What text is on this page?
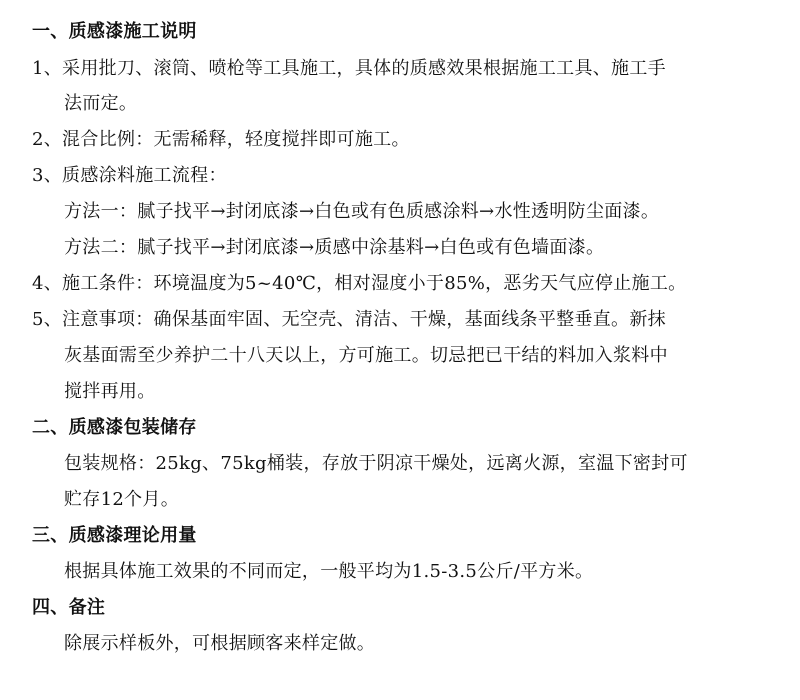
一、质感漆施工说明
1、采用批刀、滚筒、喷枪等工具施工，具体的质感效果根据施工工具、施工手
法而定。
2、混合比例：无需稀释，轻度搅拌即可施工。
3、质感涂料施工流程：
方法一：腻子找平→封闭底漆→白色或有色质感涂料→水性透明防尘面漆。
方法二：腻子找平→封闭底漆→质感中涂基料→白色或有色墙面漆。
4、施工条件：环境温度为5~40℃，相对湿度小于85%，恶劣天气应停止施工。
5、注意事项：确保基面牢固、无空壳、清洁、干燥，基面线条平整垂直。新抹
灰基面需至少养护二十八天以上，方可施工。切忌把已干结的料加入浆料中
搅拌再用。
二、质感漆包装储存
包装规格：25kg、75kg桶装，存放于阴凉干燥处，远离火源，室温下密封可
贮存12个月。
三、质感漆理论用量
根据具体施工效果的不同而定，一般平均为1.5-3.5公斤/平方米。
四、备注
除展示样板外，可根据顾客来样定做。
